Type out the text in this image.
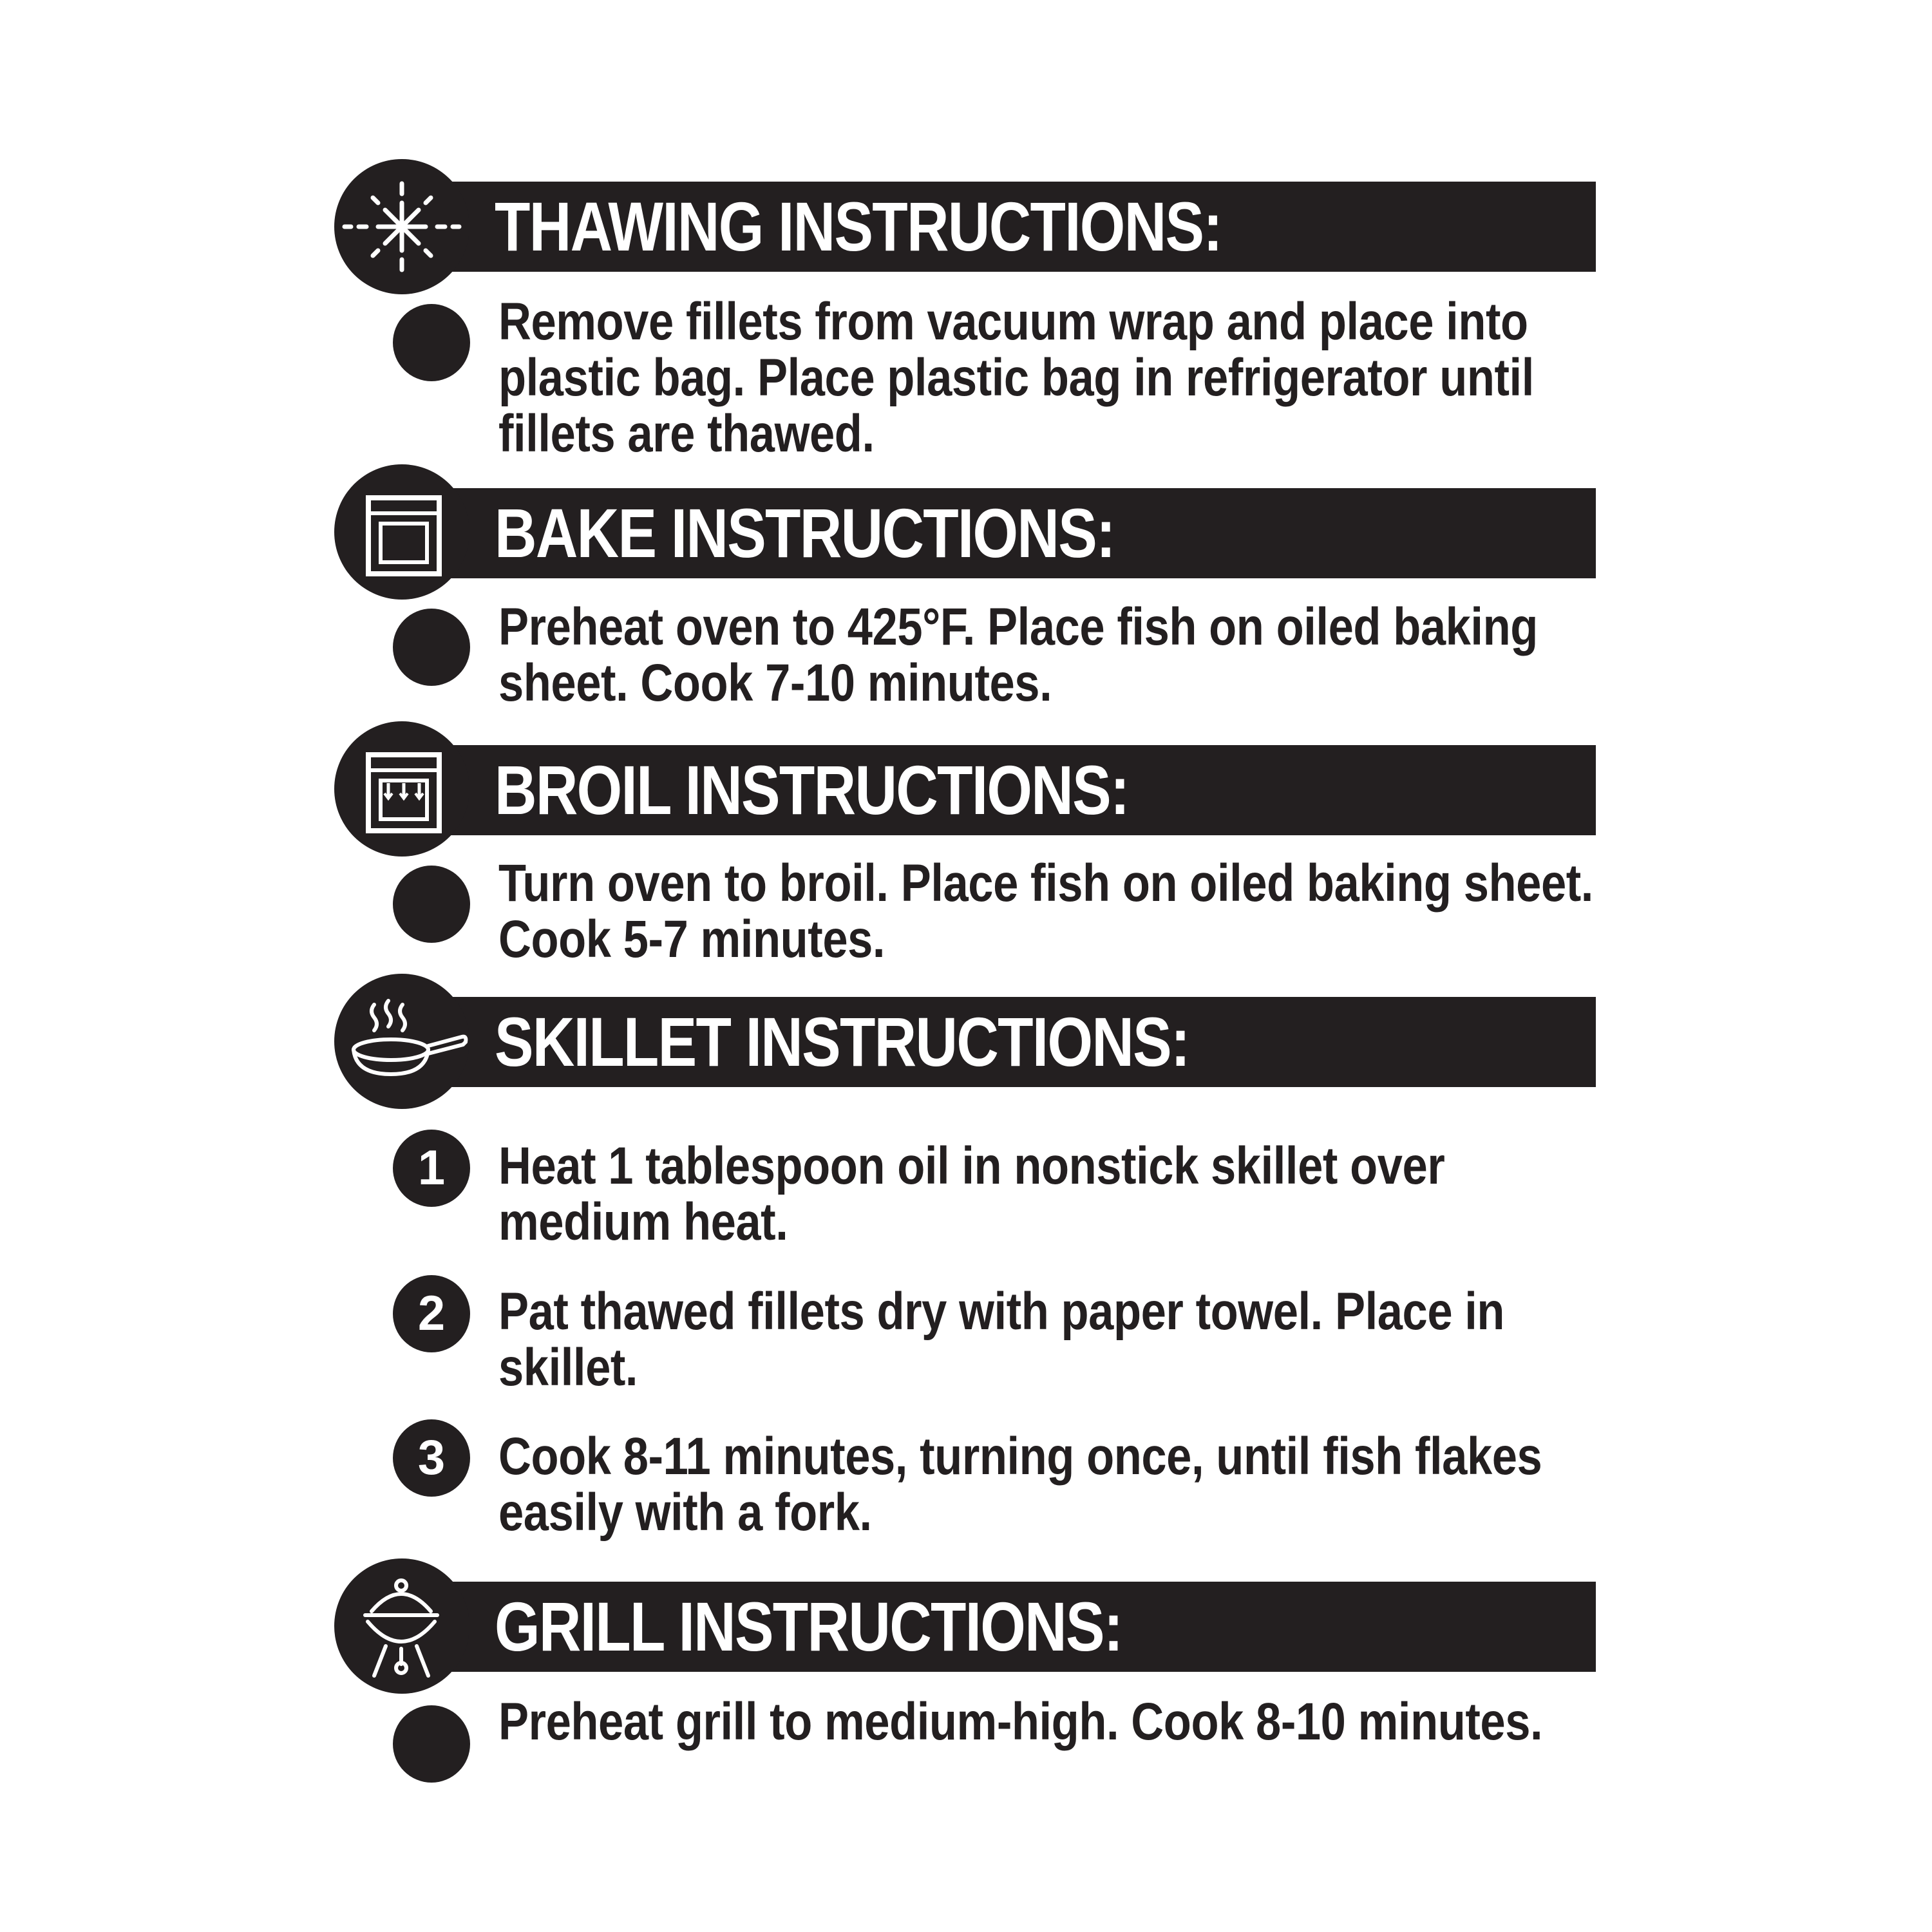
THAWING INSTRUCTIONS:
Remove fillets from vacuum wrap and place into plastic bag. Place plastic bag in refrigerator until fillets are thawed.
BAKE INSTRUCTIONS:
Preheat oven to 425°F. Place fish on oiled baking sheet. Cook 7-10 minutes.
BROIL INSTRUCTIONS:
Turn oven to broil. Place fish on oiled baking sheet. Cook 5-7 minutes.
SKILLET INSTRUCTIONS:
1	Heat 1 tablespoon oil in nonstick skillet over medium heat.
2	Pat thawed fillets dry with paper towel. Place in skillet.
3	Cook 8-11 minutes, turning once, until fish flakes easily with a fork.
GRILL INSTRUCTIONS:
Preheat grill to medium-high. Cook 8-10 minutes.
